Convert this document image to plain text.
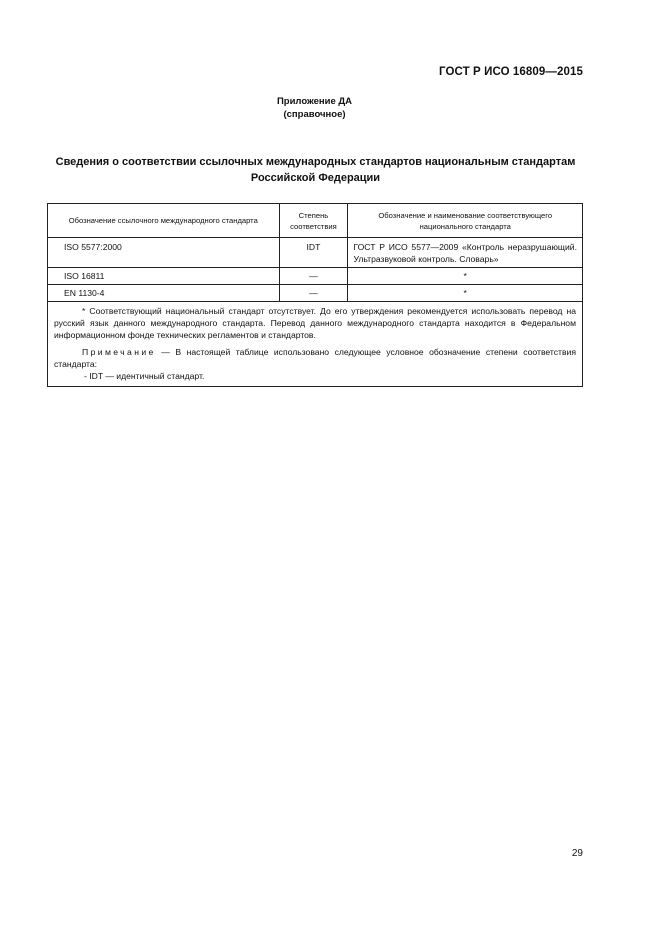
ГОСТ Р ИСО 16809—2015
Приложение ДА
(справочное)
Сведения о соответствии ссылочных международных стандартов национальным стандартам
Российской Федерации
Обозначение ссылочного международного стандарта	Степень соответствия	Обозначение и наименование соответствующего национального стандарта
ISO 5577:2000	IDT	ГОСТ Р ИСО 5577—2009 «Контроль неразрушающий. Ультразвуковой контроль. Словарь»
ISO 16811	—	*
EN 1130-4	—	*

* Соответствующий национальный стандарт отсутствует. До его утверждения рекомендуется использовать перевод на русский язык данного международного стандарта. Перевод данного международного стандарта находится в Федеральном информационном фонде технических регламентов и стандартов.

Примечание — В настоящей таблице использовано следующее условное обозначение степени соответствия стандарта:

- IDT — идентичный стандарт.		

29
